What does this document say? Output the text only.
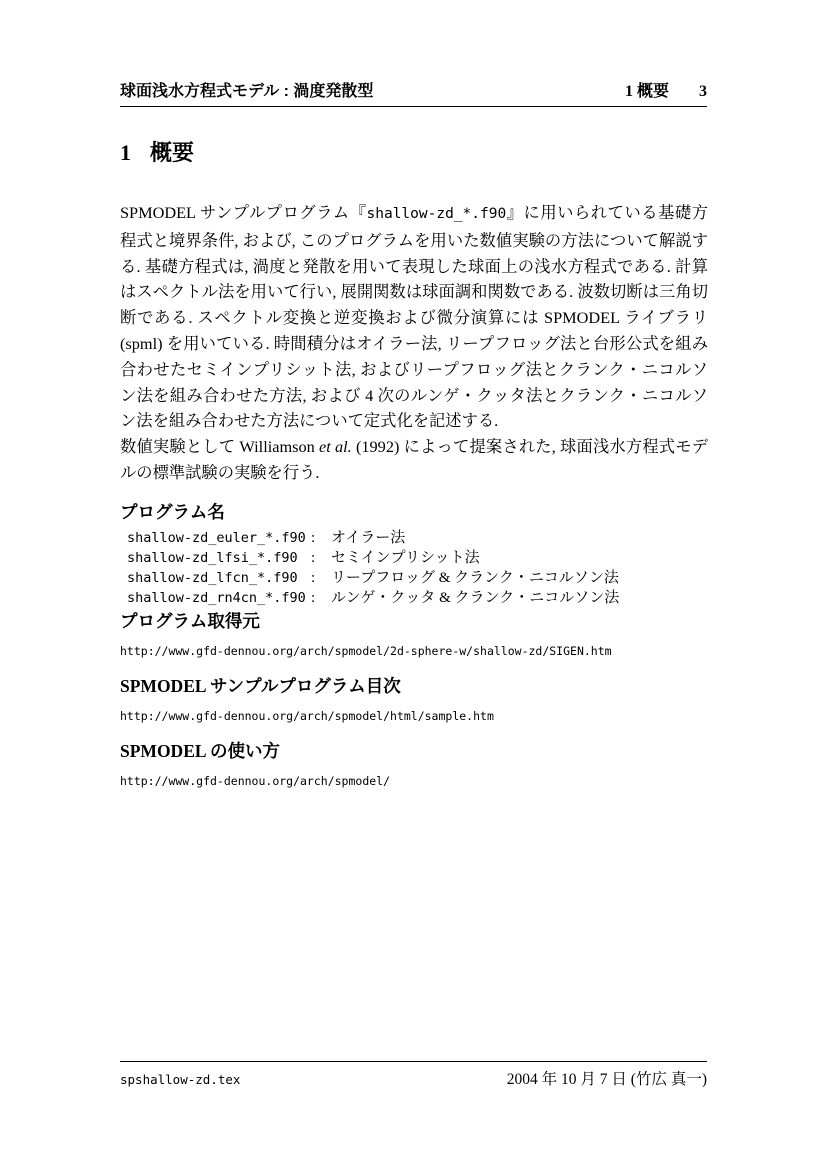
球面浅水方程式モデル : 渦度発散型	1 概要 3
1 概要

SPMODEL サンプルプログラム『shallow-zd_*.f90』に用いられている基礎方程式と境界条件, および, このプログラムを用いた数値実験の方法について解説する. 基礎方程式は, 渦度と発散を用いて表現した球面上の浅水方程式である. 計算はスペクトル法を用いて行い, 展開関数は球面調和関数である. 波数切断は三角切断である. スペクトル変換と逆変換および微分演算には SPMODEL ライブラリ (spml) を用いている. 時間積分はオイラー法, リープフロッグ法と台形公式を組み合わせたセミインプリシット法, およびリープフロッグ法とクランク・ニコルソン法を組み合わせた方法, および 4 次のルンゲ・クッタ法とクランク・ニコルソン法を組み合わせた方法について定式化を記述する.

数値実験として Williamson et al. (1992) によって提案された, 球面浅水方程式モデルの標準試験の実験を行う.

プログラム名
shallow-zd_euler_*.f90 :	オイラー法
shallow-zd_lfsi_*.f90 :	セミインプリシット法
shallow-zd_lfcn_*.f90 :	リープフロッグ & クランク・ニコルソン法
shallow-zd_rn4cn_*.f90 :	ルンゲ・クッタ & クランク・ニコルソン法
プログラム取得元
http://www.gfd-dennou.org/arch/spmodel/2d-sphere-w/shallow-zd/SIGEN.htm
SPMODEL サンプルプログラム目次
http://www.gfd-dennou.org/arch/spmodel/html/sample.htm
SPMODEL の使い方
http://www.gfd-dennou.org/arch/spmodel/
spshallow-zd.tex	2004 年 10 月 7 日 (竹広 真一)
